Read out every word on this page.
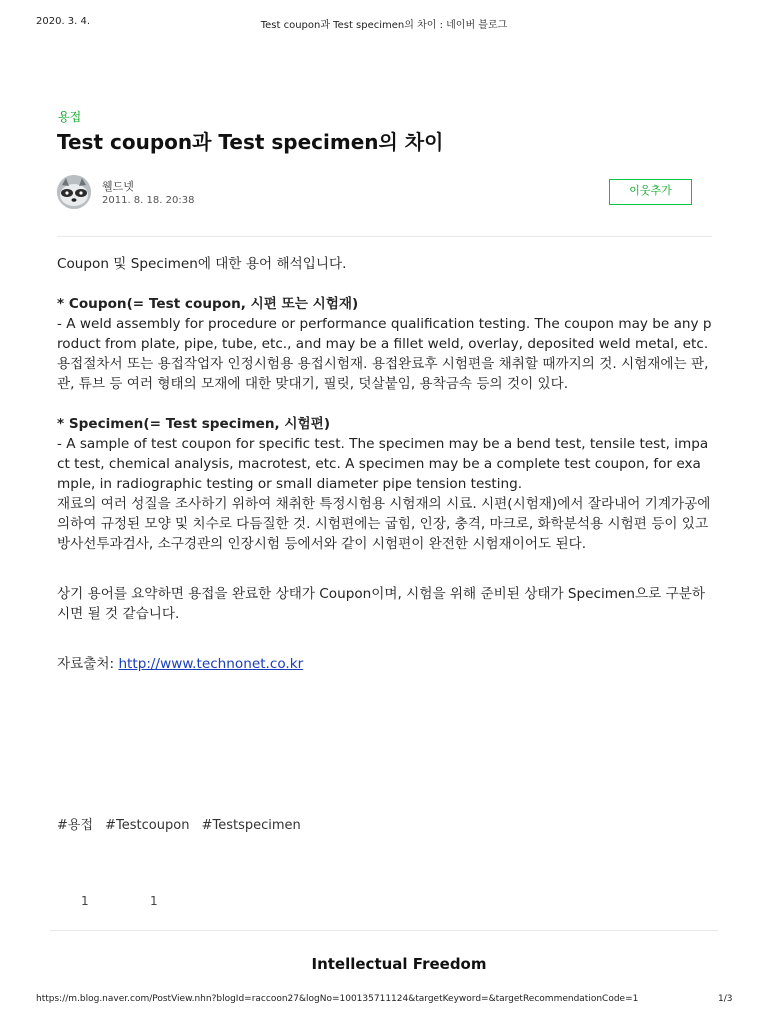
2020. 3. 4.	Test coupon과 Test specimen의 차이 : 네이버 블로그
용접
Test coupon과 Test specimen의 차이
웰드넷
2011. 8. 18. 20:38
이웃추가

Coupon 및 Specimen에 대한 용어 해석입니다.

* Coupon(= Test coupon, 시편 또는 시험재)

- A weld assembly for procedure or performance qualification testing. The coupon may be any product from plate, pipe, tube, etc., and may be a fillet weld, overlay, deposited weld metal, etc.

용접절차서 또는 용접작업자 인정시험용 용접시험재. 용접완료후 시험편을 채취할 때까지의 것. 시험재에는 판, 관, 튜브 등 여러 형태의 모재에 대한 맞대기, 필릿, 덧살붙임, 용착금속 등의 것이 있다.

* Specimen(= Test specimen, 시험편)

- A sample of test coupon for specific test. The specimen may be a bend test, tensile test, impact test, chemical analysis, macrotest, etc. A specimen may be a complete test coupon, for example, in radiographic testing or small diameter pipe tension testing.

재료의 여러 성질을 조사하기 위하여 채취한 특정시험용 시험재의 시료. 시편(시험재)에서 잘라내어 기계가공에 의하여 규정된 모양 및 치수로 다듬질한 것. 시험편에는 굽힘, 인장, 충격, 마크로, 화학분석용 시험편 등이 있고 방사선투과검사, 소구경관의 인장시험 등에서와 같이 시험편이 완전한 시험재이어도 된다.

상기 용어를 요약하면 용접을 완료한 상태가 Coupon이며, 시험을 위해 준비된 상태가 Specimen으로 구분하시면 될 것 같습니다.

자료출처: http://www.technonet.co.kr

#용접 #Testcoupon #Testspecimen
1	1
Intellectual Freedom
https://m.blog.naver.com/PostView.nhn?blogId=raccoon27&logNo=100135711124&targetKeyword=&targetRecommendationCode=1	1/3
